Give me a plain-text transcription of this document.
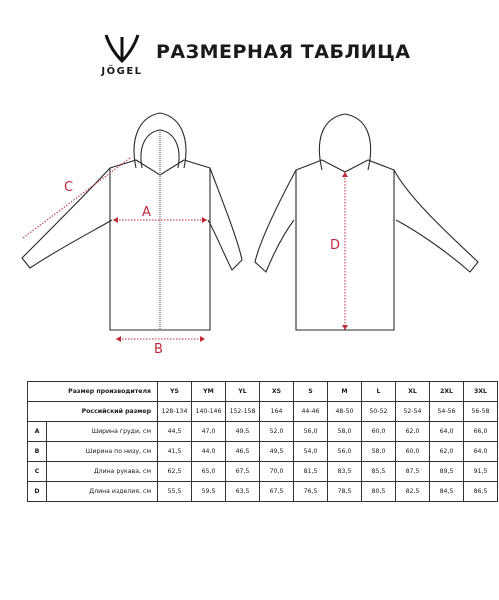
JÖGEL
РАЗМЕРНАЯ ТАБЛИЦА
A
B
C
D
Размер производителя		YS	YM	YL	XS	S	M	L	XL	2XL	3XL
Российский размер		128-134	140-146	152-158	164	44-46	48-50	50-52	52-54	54-56	56-58
A	Ширина груди, см	44,5	47,0	49,5	52,0	56,0	58,0	60,0	62,0	64,0	66,0
B	Ширина по низу, см	41,5	44,0	46,5	49,5	54,0	56,0	58,0	60,0	62,0	64,0
C	Длина рукава, см	62,5	65,0	67,5	70,0	81,5	83,5	85,5	87,5	89,5	91,5
D	Длина изделия, см	55,5	59,5	63,5	67,5	76,5	78,5	80,5	82,5	84,5	86,5
